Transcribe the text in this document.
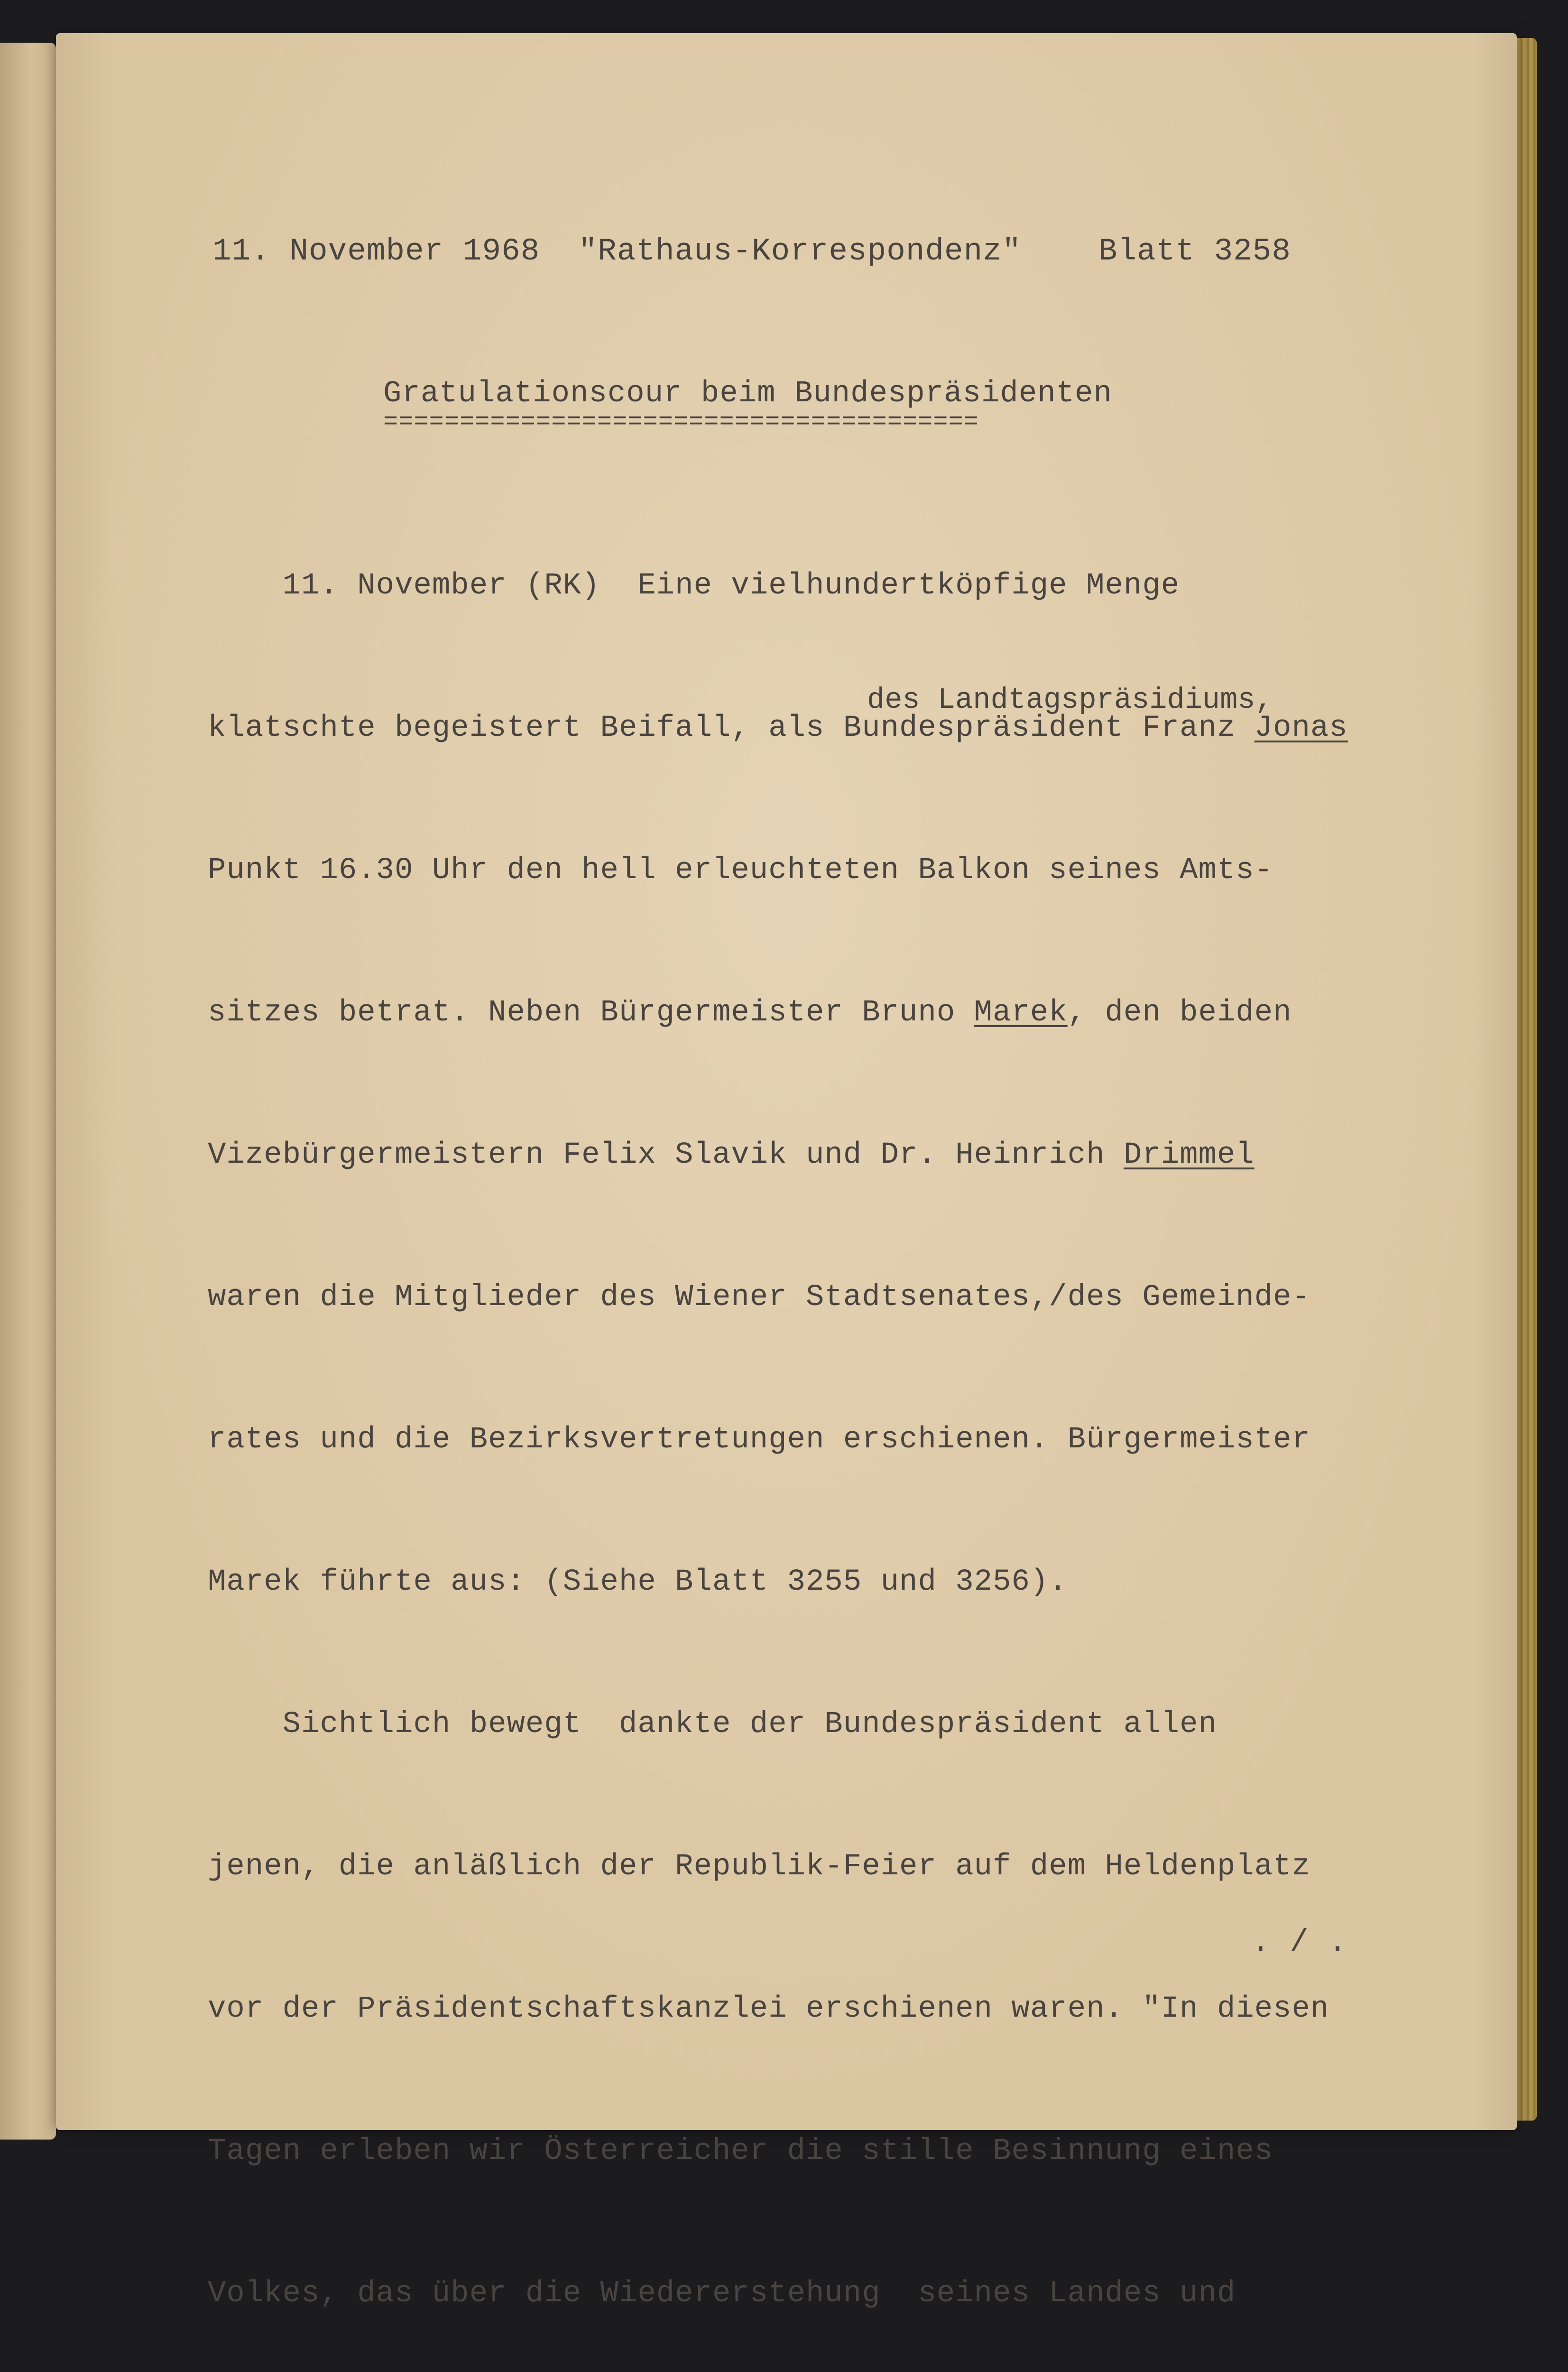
11. November 1968 "Rathaus-Korrespondenz" Blatt 3258
Gratulationscour beim Bundespräsidenten
=======================================
des Landtagspräsidiums,

11. November (RK)  Eine vielhundertköpfige Menge

klatschte begeistert Beifall, als Bundespräsident Franz Jonas

Punkt 16.30 Uhr den hell erleuchteten Balkon seines Amts-

sitzes betrat. Neben Bürgermeister Bruno Marek, den beiden

Vizebürgermeistern Felix Slavik und Dr. Heinrich Drimmel

waren die Mitglieder des Wiener Stadtsenates,/des Gemeinde-

rates und die Bezirksvertretungen erschienen. Bürgermeister

Marek führte aus: (Siehe Blatt 3255 und 3256).

Sichtlich bewegt  dankte der Bundespräsident allen

jenen, die anläßlich der Republik-Feier auf dem Heldenplatz

vor der Präsidentschaftskanzlei erschienen waren. "In diesen

Tagen erleben wir Österreicher die stille Besinnung eines

Volkes, das über die Wiedererstehung  seines Landes und

. / .
